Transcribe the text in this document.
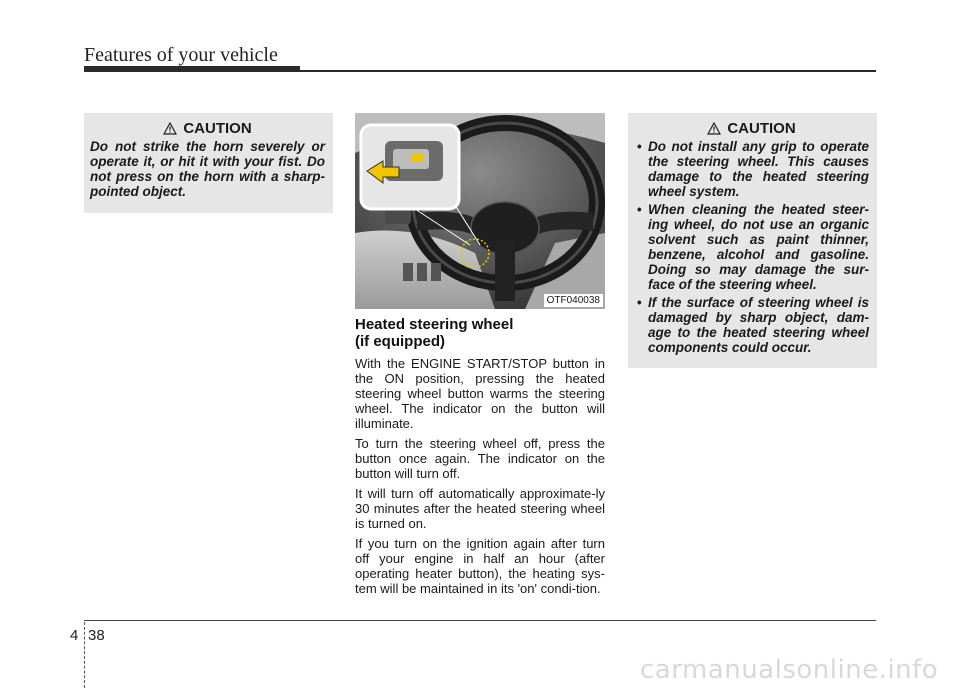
Features of your vehicle
CAUTION
Do not strike the horn severely or operate it, or hit it with your fist. Do not press on the horn with a sharp-pointed object.
OTF040038
Heated steering wheel
(if equipped)

With the ENGINE START/STOP button in the ON position, pressing the heated steering wheel button warms the steering wheel. The indicator on the button will illuminate.

To turn the steering wheel off, press the button once again. The indicator on the button will turn off.

It will turn off automatically approximate-ly 30 minutes after the heated steering wheel is turned on.

If you turn on the ignition again after turn off your engine in half an hour (after operating heater button), the heating sys-tem will be maintained in its 'on' condi-tion.

CAUTION
• Do not install any grip to operate the steering wheel. This causes damage to the heated steering wheel system.
• When cleaning the heated steer-ing wheel, do not use an organic solvent such as paint thinner, benzene, alcohol and gasoline. Doing so may damage the sur-face of the steering wheel.
• If the surface of steering wheel is damaged by sharp object, dam-age to the heated steering wheel components could occur.
4 38
carmanualsonline.info
